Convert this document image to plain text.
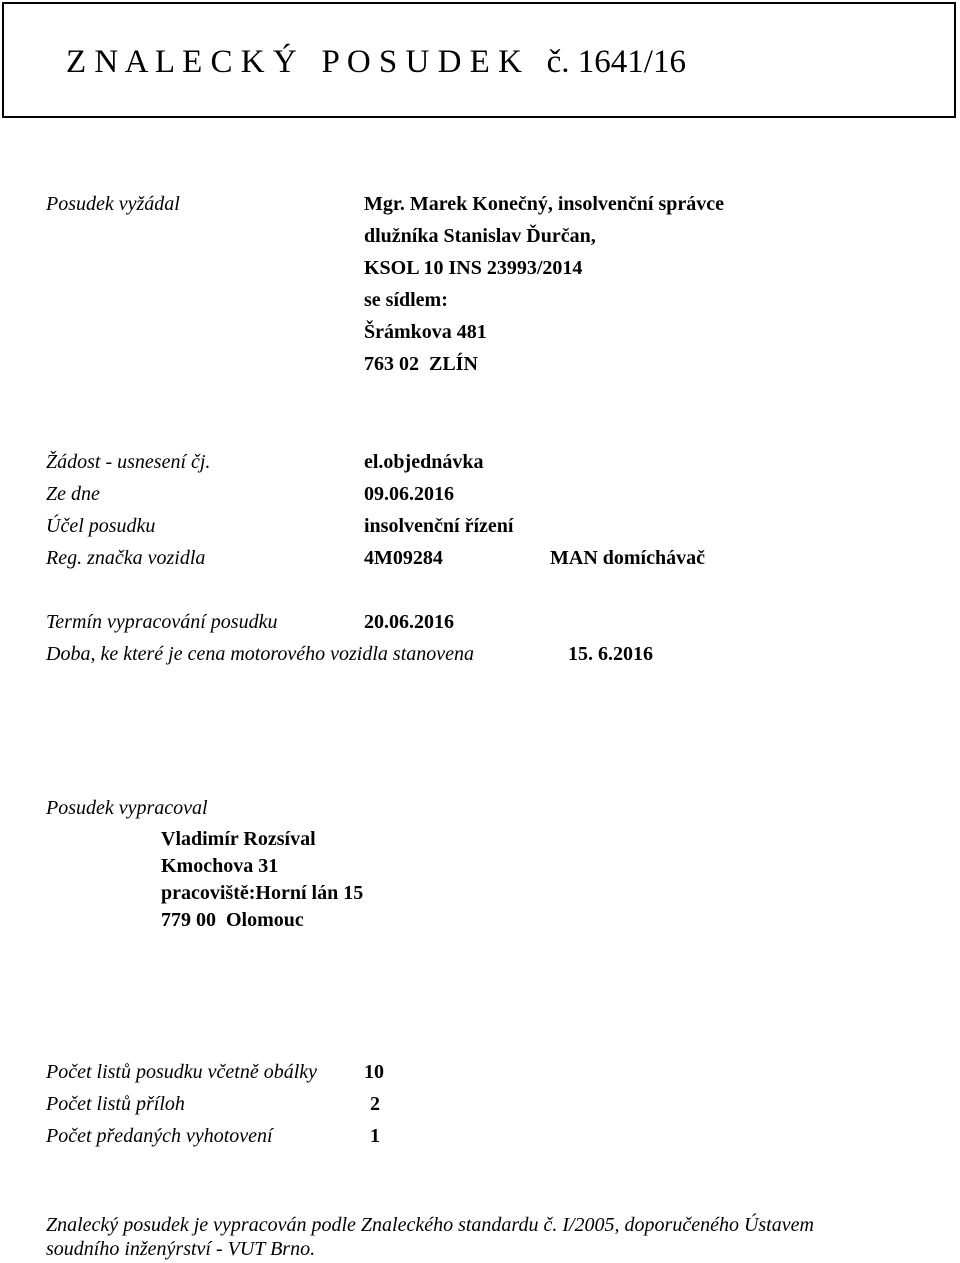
Z N A L E C K Ý   P O S U D E K   č. 1641/16
Posudek vyžádal	Mgr. Marek Konečný, insolvenční správce
dlužníka Stanislav Ďurčan,
KSOL 10 INS 23993/2014
se sídlem:
Šrámkova 481
763 02  ZLÍN
Žádost - usnesení čj.	el.objednávka
Ze dne	09.06.2016
Účel posudku	insolvenční řízení
Reg. značka vozidla	4M09284	MAN domíchávač
Termín vypracování posudku	20.06.2016
Doba, ke které je cena motorového vozidla stanovena	15. 6.2016
Posudek vypracoval
Vladimír Rozsíval
Kmochova 31
pracoviště:Horní lán 15
779 00  Olomouc
Počet listů posudku včetně obálky 10
Počet listů příloh	2
Počet předaných vyhotovení	1
Znalecký posudek je vypracován podle Znaleckého standardu č. I/2005, doporučeného Ústavem
soudního inženýrství - VUT Brno.
